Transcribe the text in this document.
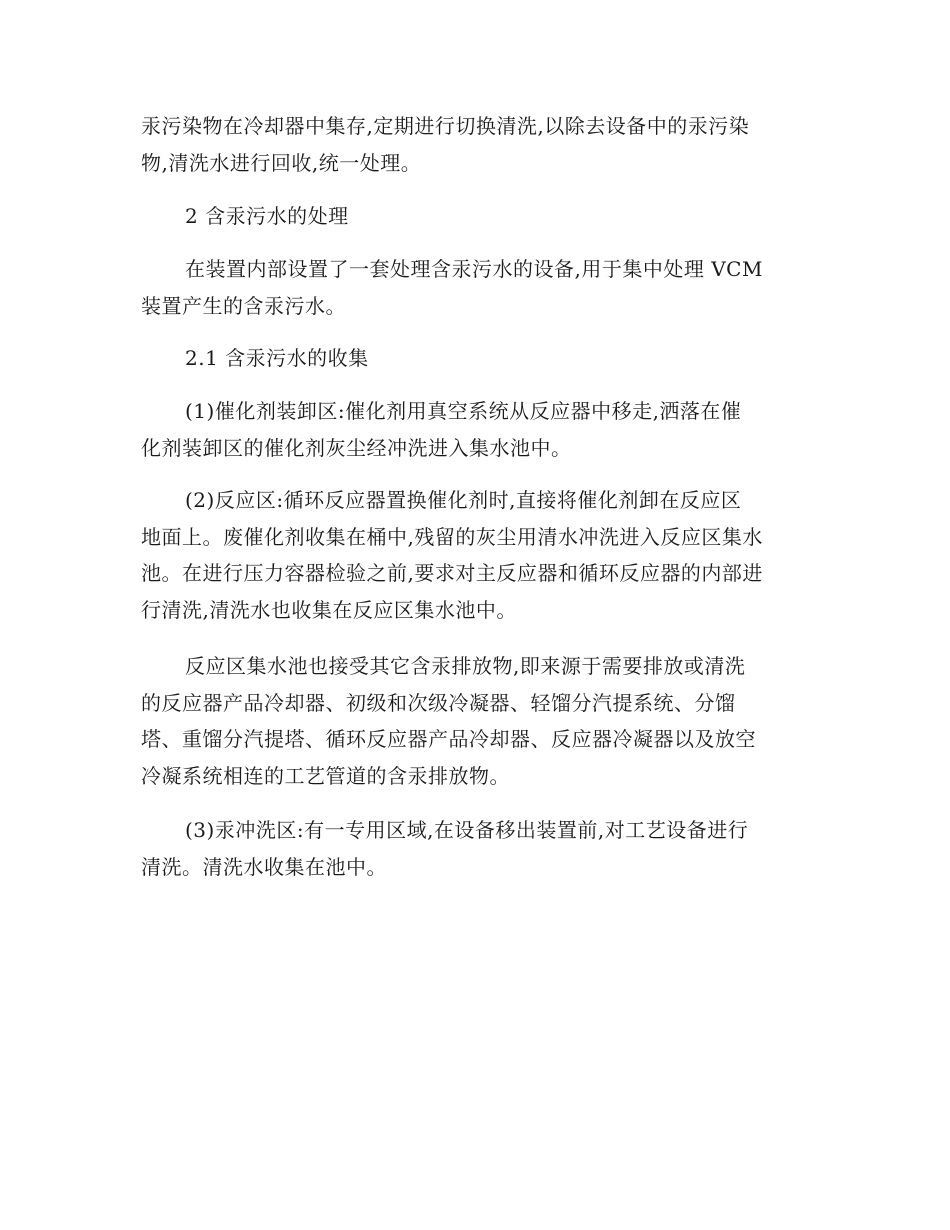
汞污染物在冷却器中集存,定期进行切换清洗,以除去设备中的汞污染
物,清洗水进行回收,统一处理。

2 含汞污水的处理

在装置内部设置了一套处理含汞污水的设备,用于集中处理 VCM
装置产生的含汞污水。

2.1 含汞污水的收集

(1)催化剂装卸区:催化剂用真空系统从反应器中移走,洒落在催
化剂装卸区的催化剂灰尘经冲洗进入集水池中。

(2)反应区:循环反应器置换催化剂时,直接将催化剂卸在反应区
地面上。废催化剂收集在桶中,残留的灰尘用清水冲洗进入反应区集水
池。在进行压力容器检验之前,要求对主反应器和循环反应器的内部进
行清洗,清洗水也收集在反应区集水池中。

反应区集水池也接受其它含汞排放物,即来源于需要排放或清洗
的反应器产品冷却器、初级和次级冷凝器、轻馏分汽提系统、分馏
塔、重馏分汽提塔、循环反应器产品冷却器、反应器冷凝器以及放空
冷凝系统相连的工艺管道的含汞排放物。

(3)汞冲洗区:有一专用区域,在设备移出装置前,对工艺设备进行
清洗。清洗水收集在池中。
